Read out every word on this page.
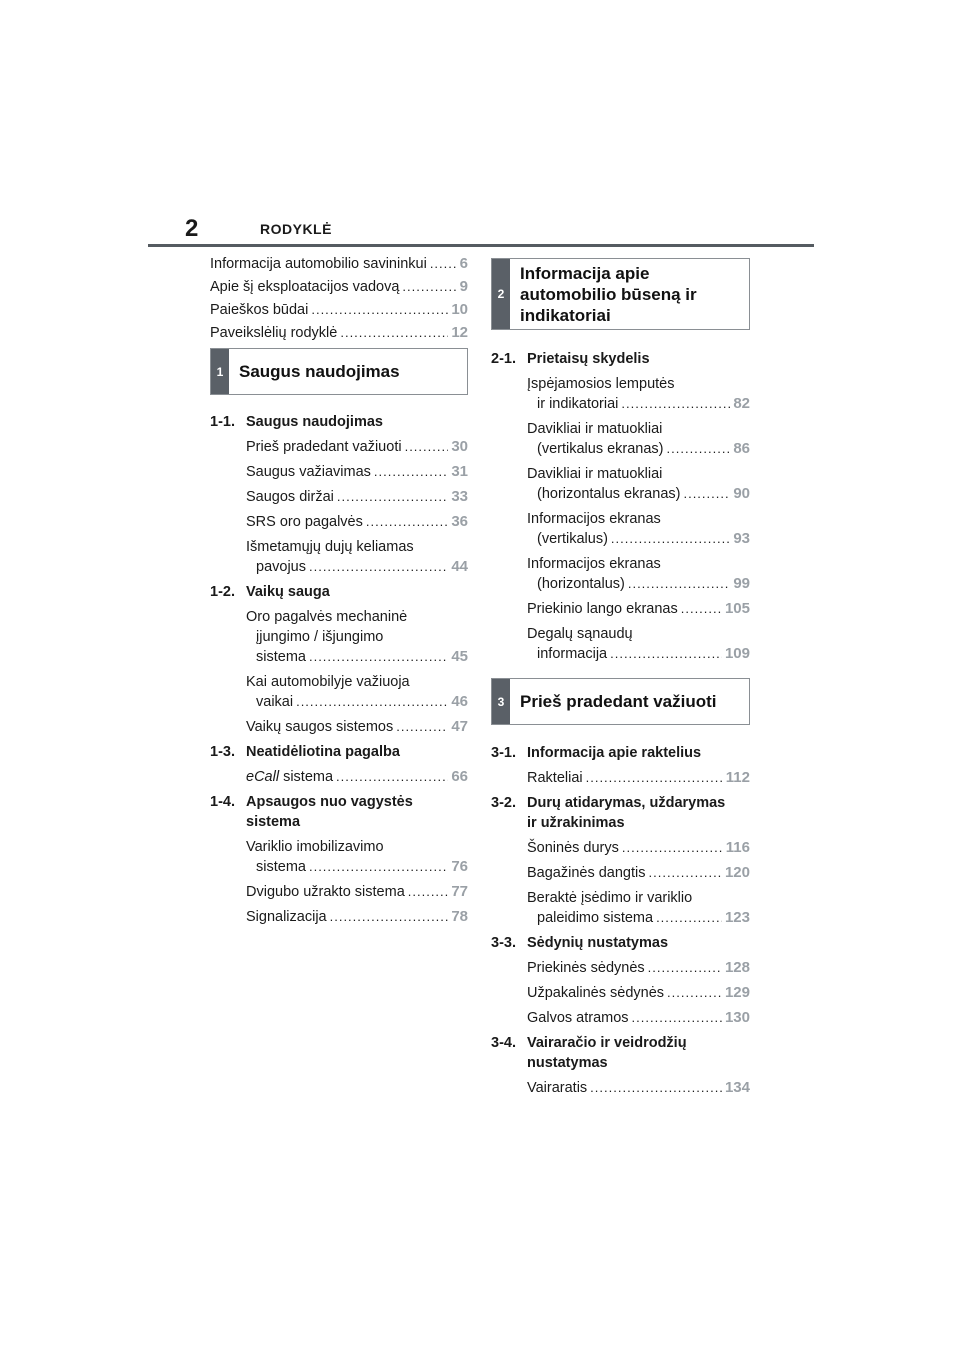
2	RODYKLĖ
Informacija automobilio savininkui ..... 6
Apie šį eksploatacijos vadovą .....	9
Paieškos būdai .....	10
Paveikslėlių rodyklė .....	12
1 Saugus naudojimas
1-1. Saugus naudojimas
Prieš pradedant važiuoti .....	30
Saugus važiavimas .....	31
Saugos diržai .....	33
SRS oro pagalvės .....	36
Išmetamųjų dujų keliamas
pavojus .....	44
1-2. Vaikų sauga
Oro pagalvės mechaninė
įjungimo / išjungimo
sistema .....	45
Kai automobilyje važiuoja
vaikai .....	46
Vaikų saugos sistemos .....	47
1-3. Neatidėliotina pagalba
eCall sistema .....	66
1-4. Apsaugos nuo vagystės
sistema
Variklio imobilizavimo
sistema .....	76
Dvigubo užrakto sistema .....	77
Signalizacija .....	78
2
Informacija apie
automobilio būseną ir
indikatoriai
2-1. Prietaisų skydelis
Įspėjamosios lemputės
ir indikatoriai .....	82
Davikliai ir matuokliai
(vertikalus ekranas) .....	86
Davikliai ir matuokliai
(horizontalus ekranas) .....	90
Informacijos ekranas
(vertikalus) .....	93
Informacijos ekranas
(horizontalus) .....	99
Priekinio lango ekranas .....	105
Degalų sąnaudų
informacija .....	109
3 Prieš pradedant važiuoti
3-1. Informacija apie raktelius
Rakteliai .....	112
3-2. Durų atidarymas, uždarymas
ir užrakinimas
Šoninės durys .....	116
Bagažinės dangtis .....	120
Beraktė įsėdimo ir variklio
paleidimo sistema .....	123
3-3. Sėdynių nustatymas
Priekinės sėdynės .....	128
Užpakalinės sėdynės .....	129
Galvos atramos .....	130
3-4. Vairaračio ir veidrodžių
nustatymas
Vairaratis .....	134
